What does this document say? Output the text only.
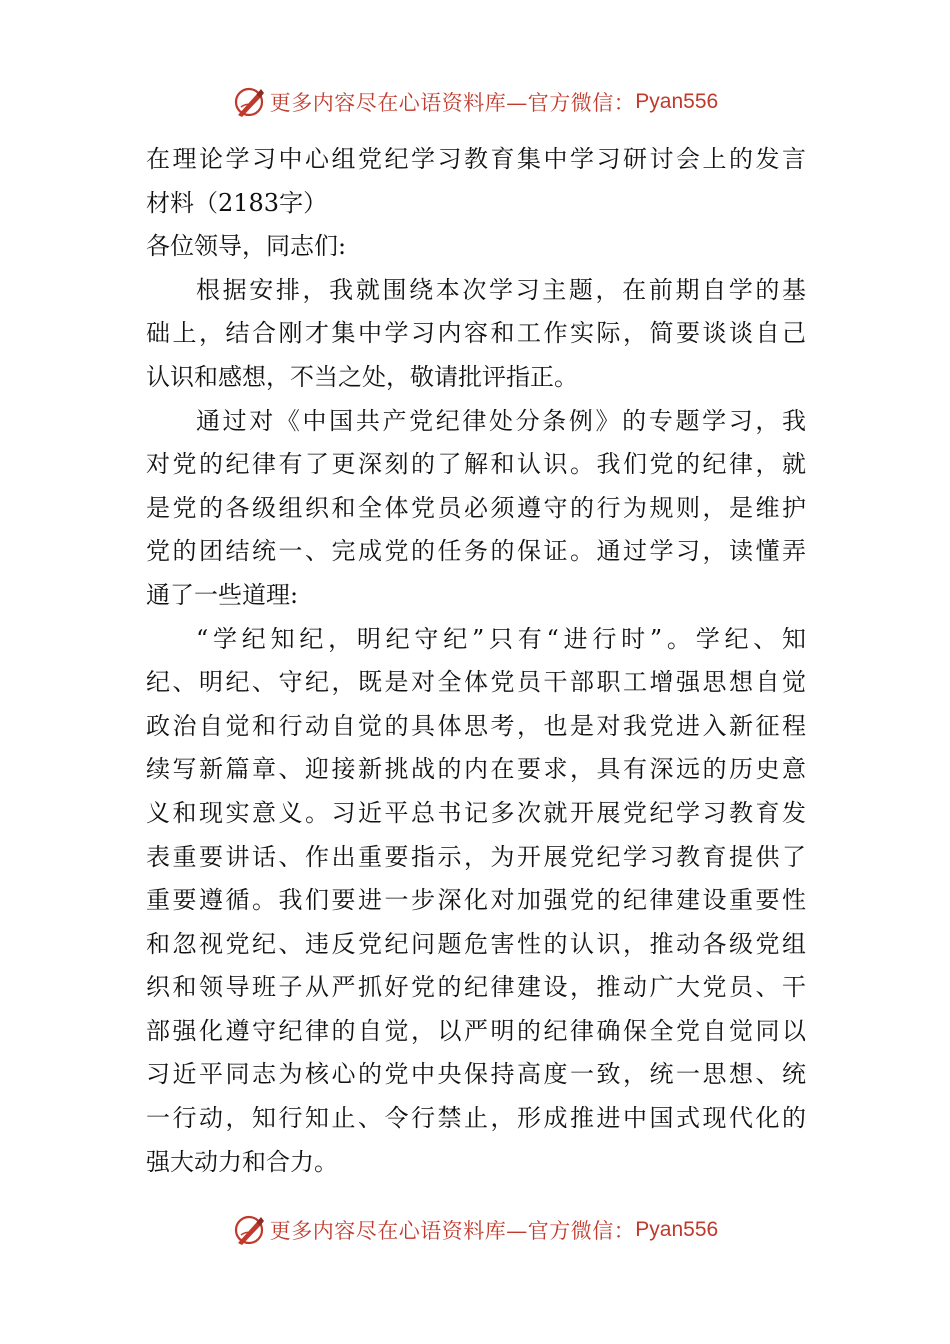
更多内容尽在心语资料库—官方微信： Pyan556
在理论学习中心组党纪学习教育集中学习研讨会上的发言
材料（2183字）
各位领导，同志们:
根据安排，我就围绕本次学习主题，在前期自学的基
础上，结合刚才集中学习内容和工作实际，简要谈谈自己
认识和感想，不当之处，敬请批评指正。
通过对《中国共产党纪律处分条例》的专题学习，我
对党的纪律有了更深刻的了解和认识。我们党的纪律，就
是党的各级组织和全体党员必须遵守的行为规则，是维护
党的团结统一、完成党的任务的保证。通过学习，读懂弄
通了一些道理:
“学纪知纪，明纪守纪”只有“进行时”。学纪、知
纪、明纪、守纪，既是对全体党员干部职工增强思想自觉
政治自觉和行动自觉的具体思考，也是对我党进入新征程
续写新篇章、迎接新挑战的内在要求，具有深远的历史意
义和现实意义。习近平总书记多次就开展党纪学习教育发
表重要讲话、作出重要指示，为开展党纪学习教育提供了
重要遵循。我们要进一步深化对加强党的纪律建设重要性
和忽视党纪、违反党纪问题危害性的认识，推动各级党组
织和领导班子从严抓好党的纪律建设，推动广大党员、干
部强化遵守纪律的自觉，以严明的纪律确保全党自觉同以
习近平同志为核心的党中央保持高度一致，统一思想、统
一行动，知行知止、令行禁止，形成推进中国式现代化的
强大动力和合力。
更多内容尽在心语资料库—官方微信： Pyan556
